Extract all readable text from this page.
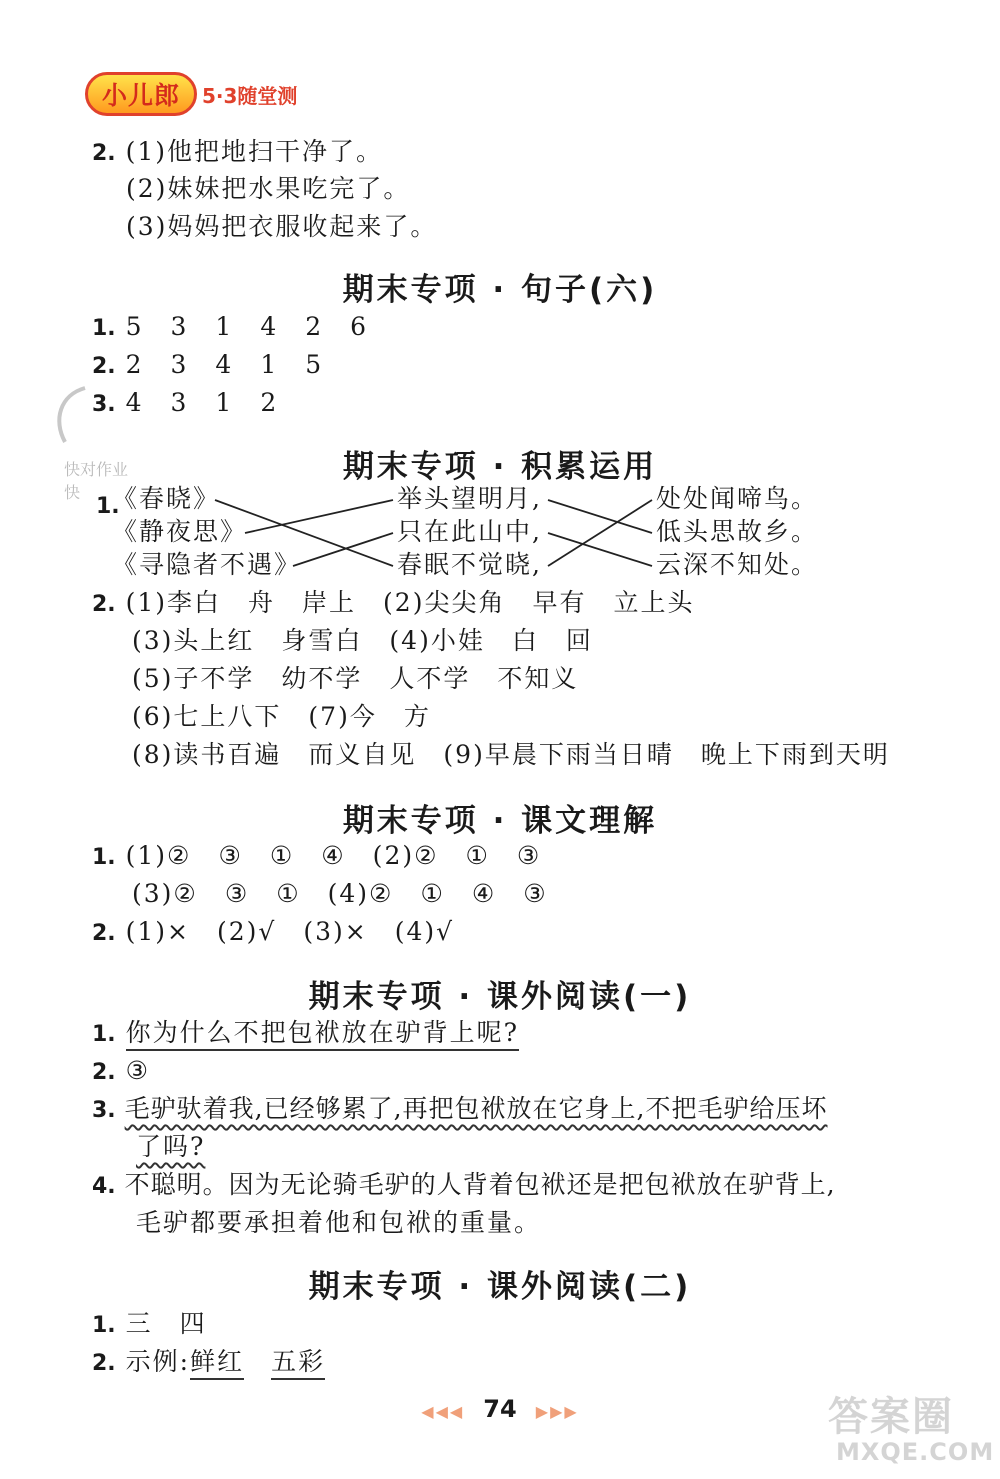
小儿郎 5·3随堂测
2. (1)他把地扫干净了。
(2)妹妹把水果吃完了。
(3)妈妈把衣服收起来了。
期末专项 · 句子(六)
1. 5　3　1　4　2　6
2. 2　3　4　1　5
3. 4　3　1　2
快对作业
快
期末专项 · 积累运用
1.
《春晓》
《静夜思》
《寻隐者不遇》
举头望明月,
只在此山中,
春眠不觉晓,
处处闻啼鸟。
低头思故乡。
云深不知处。
2. (1)李白　舟　岸上　(2)尖尖角　早有　立上头
(3)头上红　身雪白　(4)小娃　白　回
(5)子不学　幼不学　人不学　不知义
(6)七上八下　(7)今　方
(8)读书百遍　而义自见　(9)早晨下雨当日晴　晚上下雨到天明
期末专项 · 课文理解
1. (1)②　③　①　④　(2)②　①　③
(3)②　③　①　(4)②　①　④　③
2. (1)×　(2)√　(3)×　(4)√
期末专项 · 课外阅读(一)
1. 你为什么不把包袱放在驴背上呢?
2. ③
3. 毛驴驮着我,已经够累了,再把包袱放在它身上,不把毛驴给压坏
了吗?
4. 不聪明。因为无论骑毛驴的人背着包袱还是把包袱放在驴背上,
毛驴都要承担着他和包袱的重量。
期末专项 · 课外阅读(二)
1. 三　四
2. 示例:鲜红　 五彩
◀◀◀ 74 ▶▶▶	答案圈
MXQE.COM
